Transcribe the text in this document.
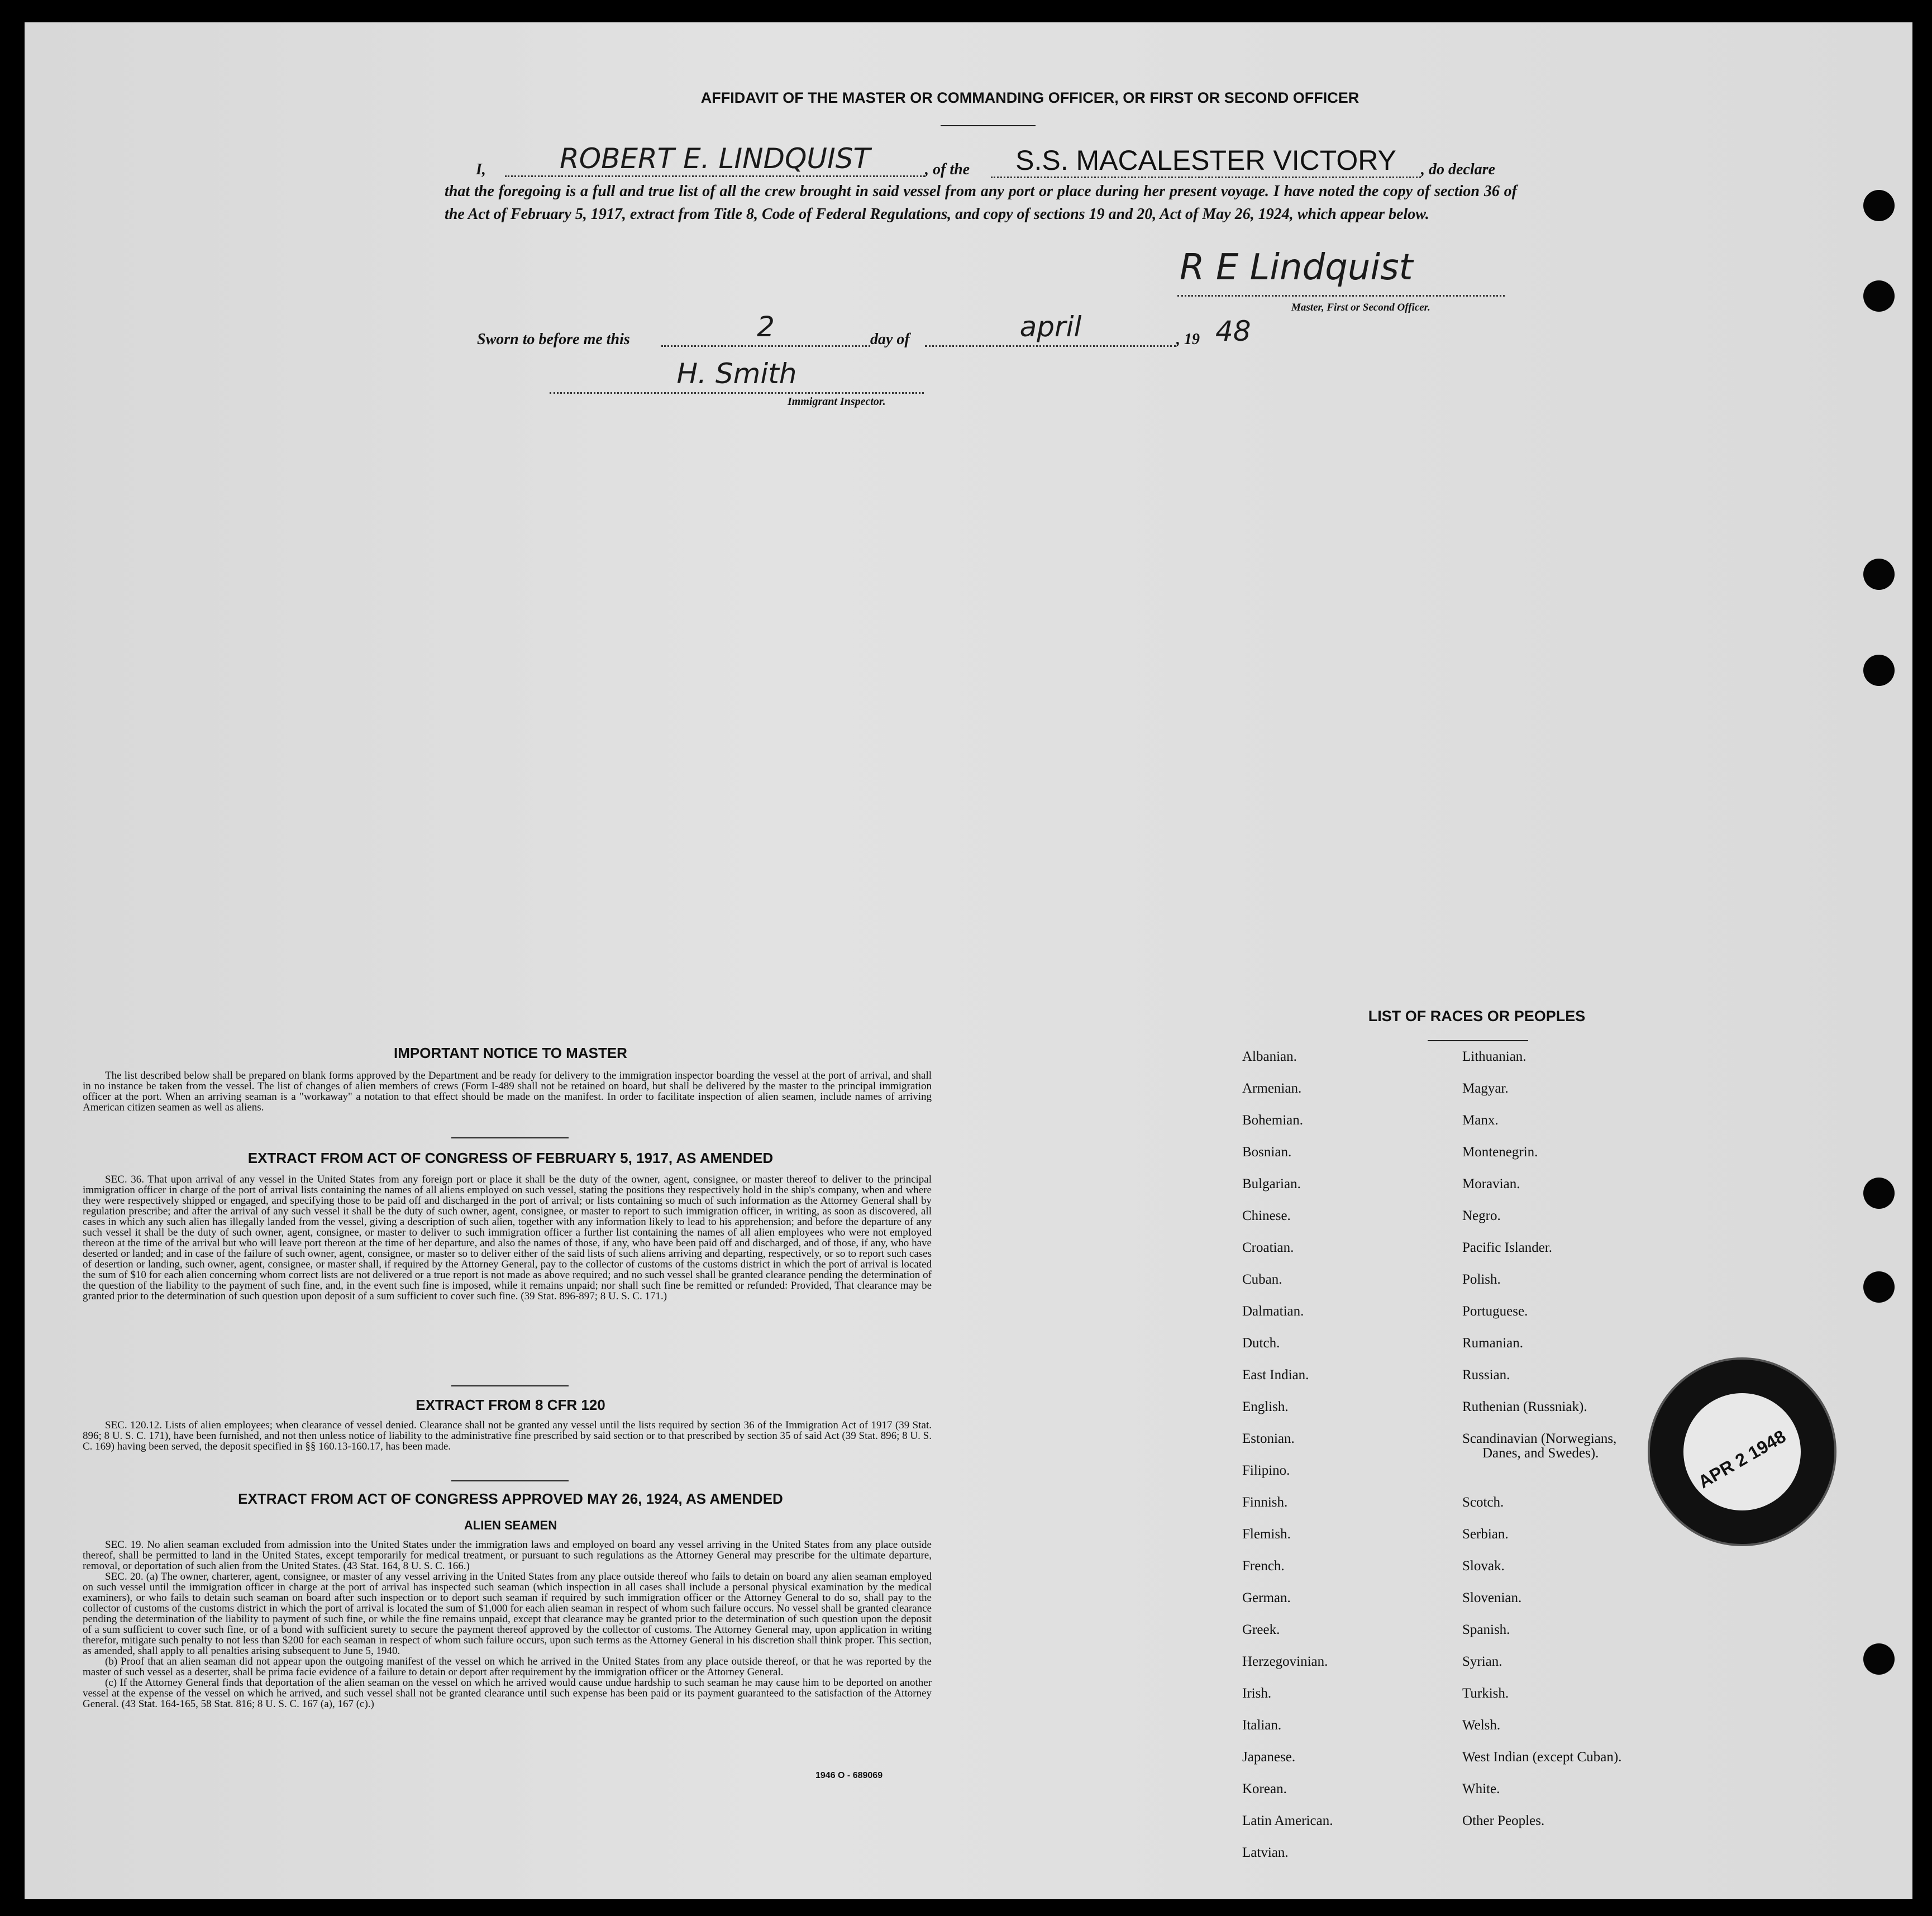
AFFIDAVIT OF THE MASTER OR COMMANDING OFFICER, OR FIRST OR SECOND OFFICER
I,	ROBERT E. LINDQUIST	, of the	S.S. MACALESTER VICTORY	, do declare
that the foregoing is a full and true list of all the crew brought in said vessel from any port or place during her present voyage. I have noted the copy of section 36 of the Act of February 5, 1917, extract from Title 8, Code of Federal Regulations, and copy of sections 19 and 20, Act of May 26, 1924, which appear below.
R E Lindquist
Master, First or Second Officer.
Sworn to before me this	2	day of	april	, 19 48
H. Smith
Immigrant Inspector.
IMPORTANT NOTICE TO MASTER

The list described below shall be prepared on blank forms approved by the Department and be ready for delivery to the immigration inspector boarding the vessel at the port of arrival, and shall in no instance be taken from the vessel. The list of changes of alien members of crews (Form I-489 shall not be retained on board, but shall be delivered by the master to the principal immigration officer at the port. When an arriving seaman is a "workaway" a notation to that effect should be made on the manifest. In order to facilitate inspection of alien seamen, include names of arriving American citizen seamen as well as aliens.

EXTRACT FROM ACT OF CONGRESS OF FEBRUARY 5, 1917, AS AMENDED

SEC. 36. That upon arrival of any vessel in the United States from any foreign port or place it shall be the duty of the owner, agent, consignee, or master thereof to deliver to the principal immigration officer in charge of the port of arrival lists containing the names of all aliens employed on such vessel, stating the positions they respectively hold in the ship's company, when and where they were respectively shipped or engaged, and specifying those to be paid off and discharged in the port of arrival; or lists containing so much of such information as the Attorney General shall by regulation prescribe; and after the arrival of any such vessel it shall be the duty of such owner, agent, consignee, or master to report to such immigration officer, in writing, as soon as discovered, all cases in which any such alien has illegally landed from the vessel, giving a description of such alien, together with any information likely to lead to his apprehension; and before the departure of any such vessel it shall be the duty of such owner, agent, consignee, or master to deliver to such immigration officer a further list containing the names of all alien employees who were not employed thereon at the time of the arrival but who will leave port thereon at the time of her departure, and also the names of those, if any, who have been paid off and discharged, and of those, if any, who have deserted or landed; and in case of the failure of such owner, agent, consignee, or master so to deliver either of the said lists of such aliens arriving and departing, respectively, or so to report such cases of desertion or landing, such owner, agent, consignee, or master shall, if required by the Attorney General, pay to the collector of customs of the customs district in which the port of arrival is located the sum of $10 for each alien concerning whom correct lists are not delivered or a true report is not made as above required; and no such vessel shall be granted clearance pending the determination of the question of the liability to the payment of such fine, and, in the event such fine is imposed, while it remains unpaid; nor shall such fine be remitted or refunded: Provided, That clearance may be granted prior to the determination of such question upon deposit of a sum sufficient to cover such fine. (39 Stat. 896-897; 8 U. S. C. 171.)

EXTRACT FROM 8 CFR 120

SEC. 120.12. Lists of alien employees; when clearance of vessel denied. Clearance shall not be granted any vessel until the lists required by section 36 of the Immigration Act of 1917 (39 Stat. 896; 8 U. S. C. 171), have been furnished, and not then unless notice of liability to the administrative fine prescribed by said section or to that prescribed by section 35 of said Act (39 Stat. 896; 8 U. S. C. 169) having been served, the deposit specified in §§ 160.13-160.17, has been made.

EXTRACT FROM ACT OF CONGRESS APPROVED MAY 26, 1924, AS AMENDED
ALIEN SEAMEN

SEC. 19. No alien seaman excluded from admission into the United States under the immigration laws and employed on board any vessel arriving in the United States from any place outside thereof, shall be permitted to land in the United States, except temporarily for medical treatment, or pursuant to such regulations as the Attorney General may prescribe for the ultimate departure, removal, or deportation of such alien from the United States. (43 Stat. 164, 8 U. S. C. 166.)

SEC. 20. (a) The owner, charterer, agent, consignee, or master of any vessel arriving in the United States from any place outside thereof who fails to detain on board any alien seaman employed on such vessel until the immigration officer in charge at the port of arrival has inspected such seaman (which inspection in all cases shall include a personal physical examination by the medical examiners), or who fails to detain such seaman on board after such inspection or to deport such seaman if required by such immigration officer or the Attorney General to do so, shall pay to the collector of customs of the customs district in which the port of arrival is located the sum of $1,000 for each alien seaman in respect of whom such failure occurs. No vessel shall be granted clearance pending the determination of the liability to payment of such fine, or while the fine remains unpaid, except that clearance may be granted prior to the determination of such question upon the deposit of a sum sufficient to cover such fine, or of a bond with sufficient surety to secure the payment thereof approved by the collector of customs. The Attorney General may, upon application in writing therefor, mitigate such penalty to not less than $200 for each seaman in respect of whom such failure occurs, upon such terms as the Attorney General in his discretion shall think proper. This section, as amended, shall apply to all penalties arising subsequent to June 5, 1940.

(b) Proof that an alien seaman did not appear upon the outgoing manifest of the vessel on which he arrived in the United States from any place outside thereof, or that he was reported by the master of such vessel as a deserter, shall be prima facie evidence of a failure to detain or deport after requirement by the immigration officer or the Attorney General.

(c) If the Attorney General finds that deportation of the alien seaman on the vessel on which he arrived would cause undue hardship to such seaman he may cause him to be deported on another vessel at the expense of the vessel on which he arrived, and such vessel shall not be granted clearance until such expense has been paid or its payment guaranteed to the satisfaction of the Attorney General. (43 Stat. 164-165, 58 Stat. 816; 8 U. S. C. 167 (a), 167 (c).)

1946 O - 689069
LIST OF RACES OR PEOPLES
Albanian.
Armenian.
Bohemian.
Bosnian.
Bulgarian.
Chinese.
Croatian.
Cuban.
Dalmatian.
Dutch.
East Indian.
English.
Estonian.
Filipino.
Finnish.
Flemish.
French.
German.
Greek.
Herzegovinian.
Irish.
Italian.
Japanese.
Korean.
Latin American.
Latvian.
Lithuanian.
Magyar.
Manx.
Montenegrin.
Moravian.
Negro.
Pacific Islander.
Polish.
Portuguese.
Rumanian.
Russian.
Ruthenian (Russniak).
Scandinavian (Norwegians,
Danes, and Swedes).
Scotch.
Serbian.
Slovak.
Slovenian.
Spanish.
Syrian.
Turkish.
Welsh.
West Indian (except Cuban).
White.
Other Peoples.
APR 2 1948
